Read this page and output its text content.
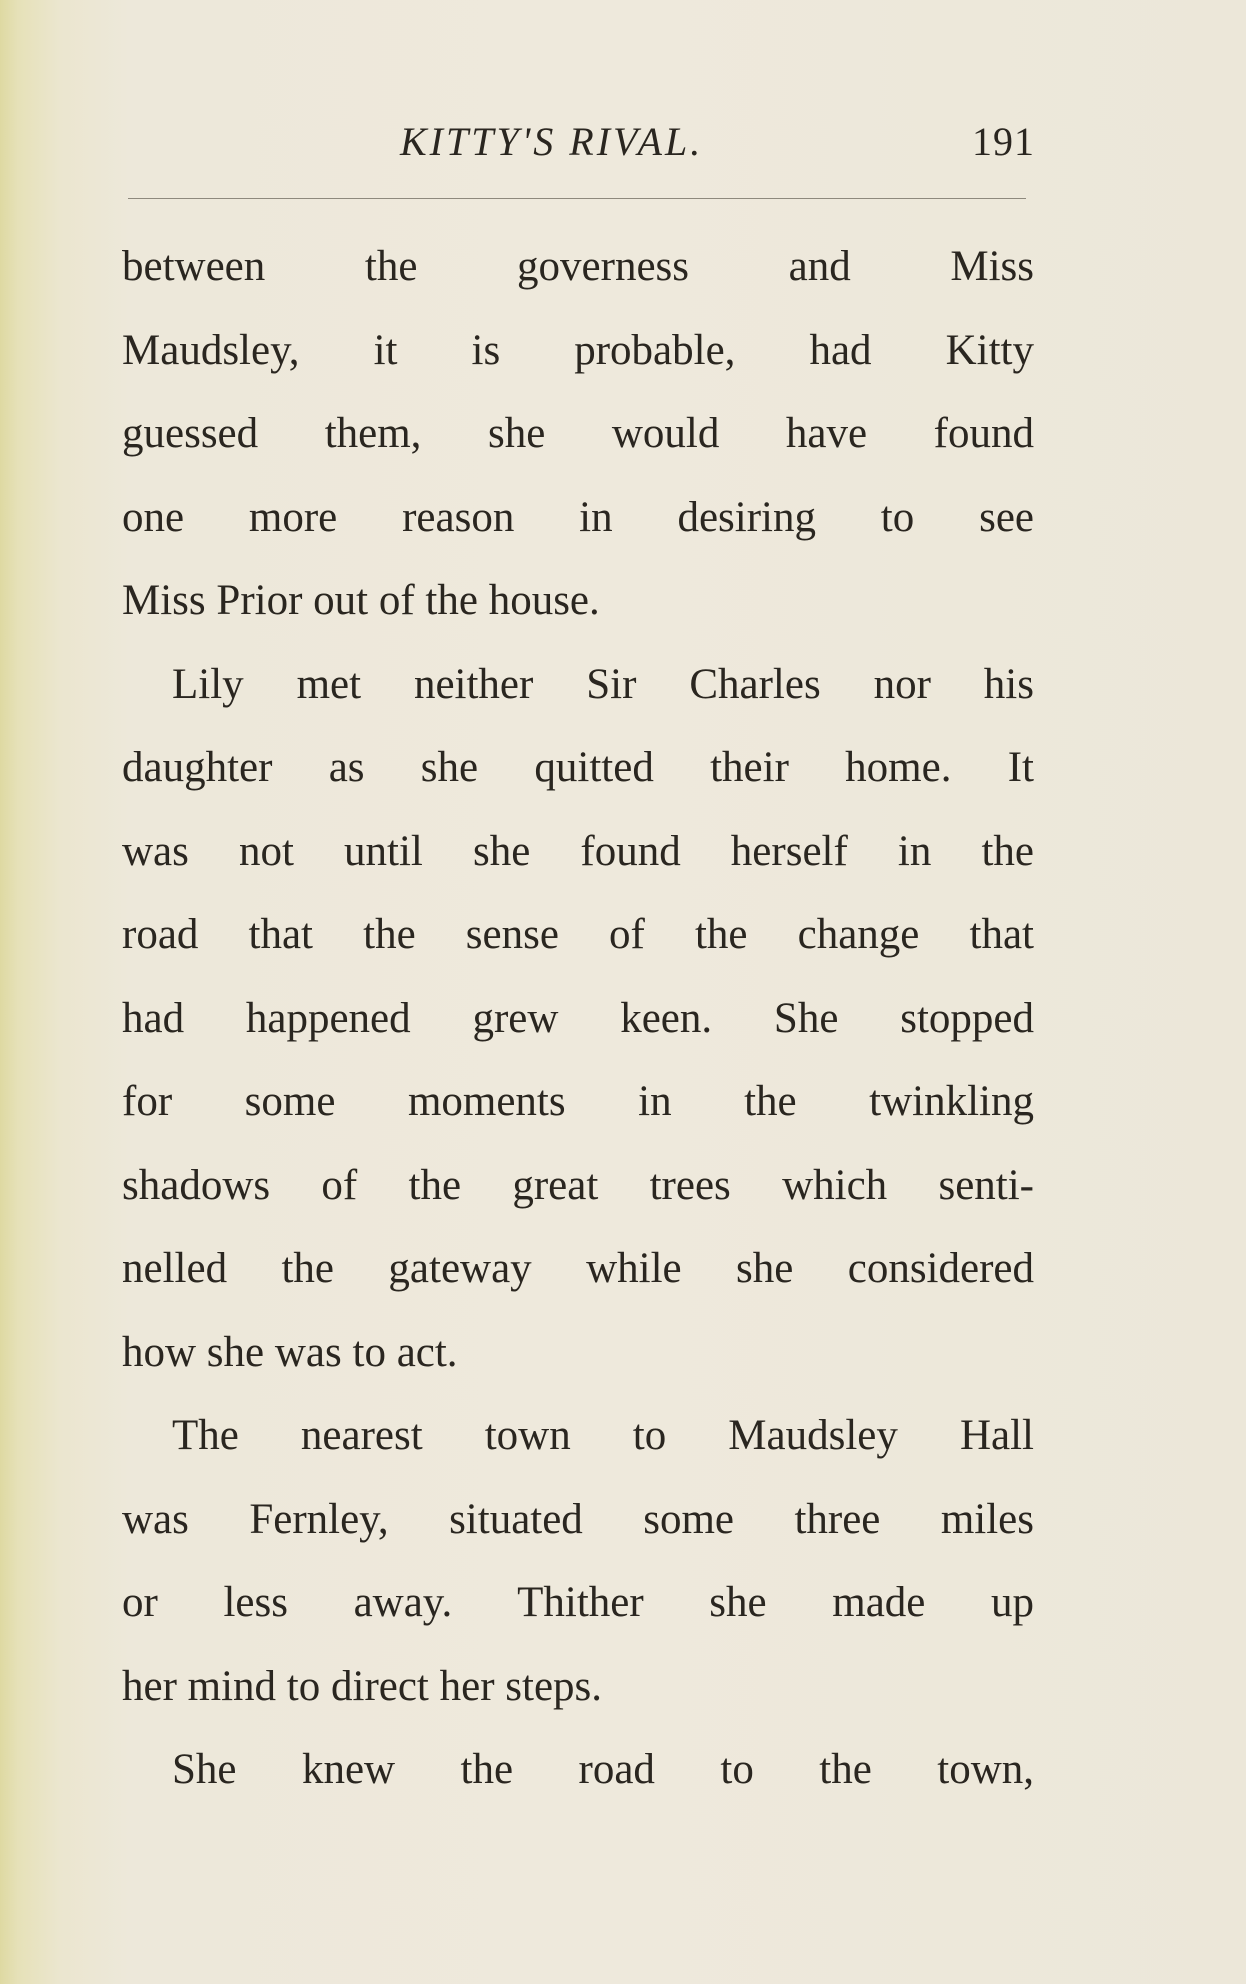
KITTY'S RIVAL.	191
between the governess and Miss
Maudsley, it is probable, had Kitty
guessed them, she would have found
one more reason in desiring to see
Miss Prior out of the house.
Lily met neither Sir Charles nor his
daughter as she quitted their home. It
was not until she found herself in the
road that the sense of the change that
had happened grew keen. She stopped
for some moments in the twinkling
shadows of the great trees which senti-
nelled the gateway while she considered
how she was to act.
The nearest town to Maudsley Hall
was Fernley, situated some three miles
or less away. Thither she made up
her mind to direct her steps.
She knew the road to the town,
